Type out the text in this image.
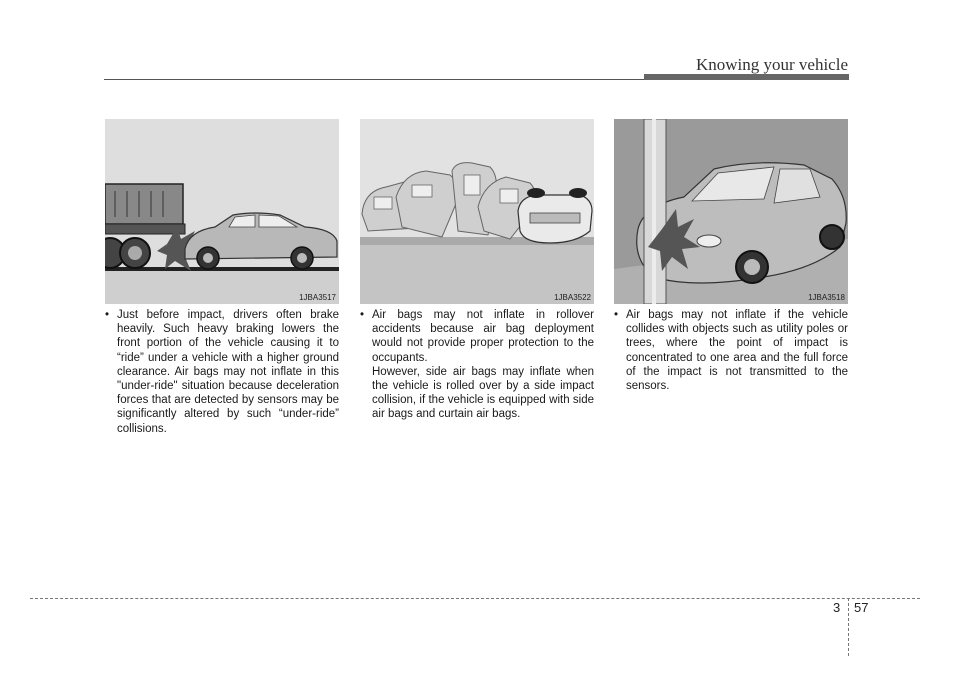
Knowing your vehicle
1JBA3517	1JBA3522	1JBA3518

• Just before impact, drivers often brake heavily. Such heavy braking lowers the front portion of the vehicle causing it to “ride” under a vehicle with a higher ground clearance. Air bags may not inflate in this "under-ride" situation because deceleration forces that are detected by sensors may be significantly altered by such “under-ride” collisions.

• Air bags may not inflate in rollover accidents because air bag deployment would not provide proper protection to the occupants.

However, side air bags may inflate when the vehicle is rolled over by a side impact collision, if the vehicle is equipped with side air bags and curtain air bags.

• Air bags may not inflate if the vehicle collides with objects such as utility poles or trees, where the point of impact is concentrated to one area and the full force of the impact is not transmitted to the sensors.

3 57
